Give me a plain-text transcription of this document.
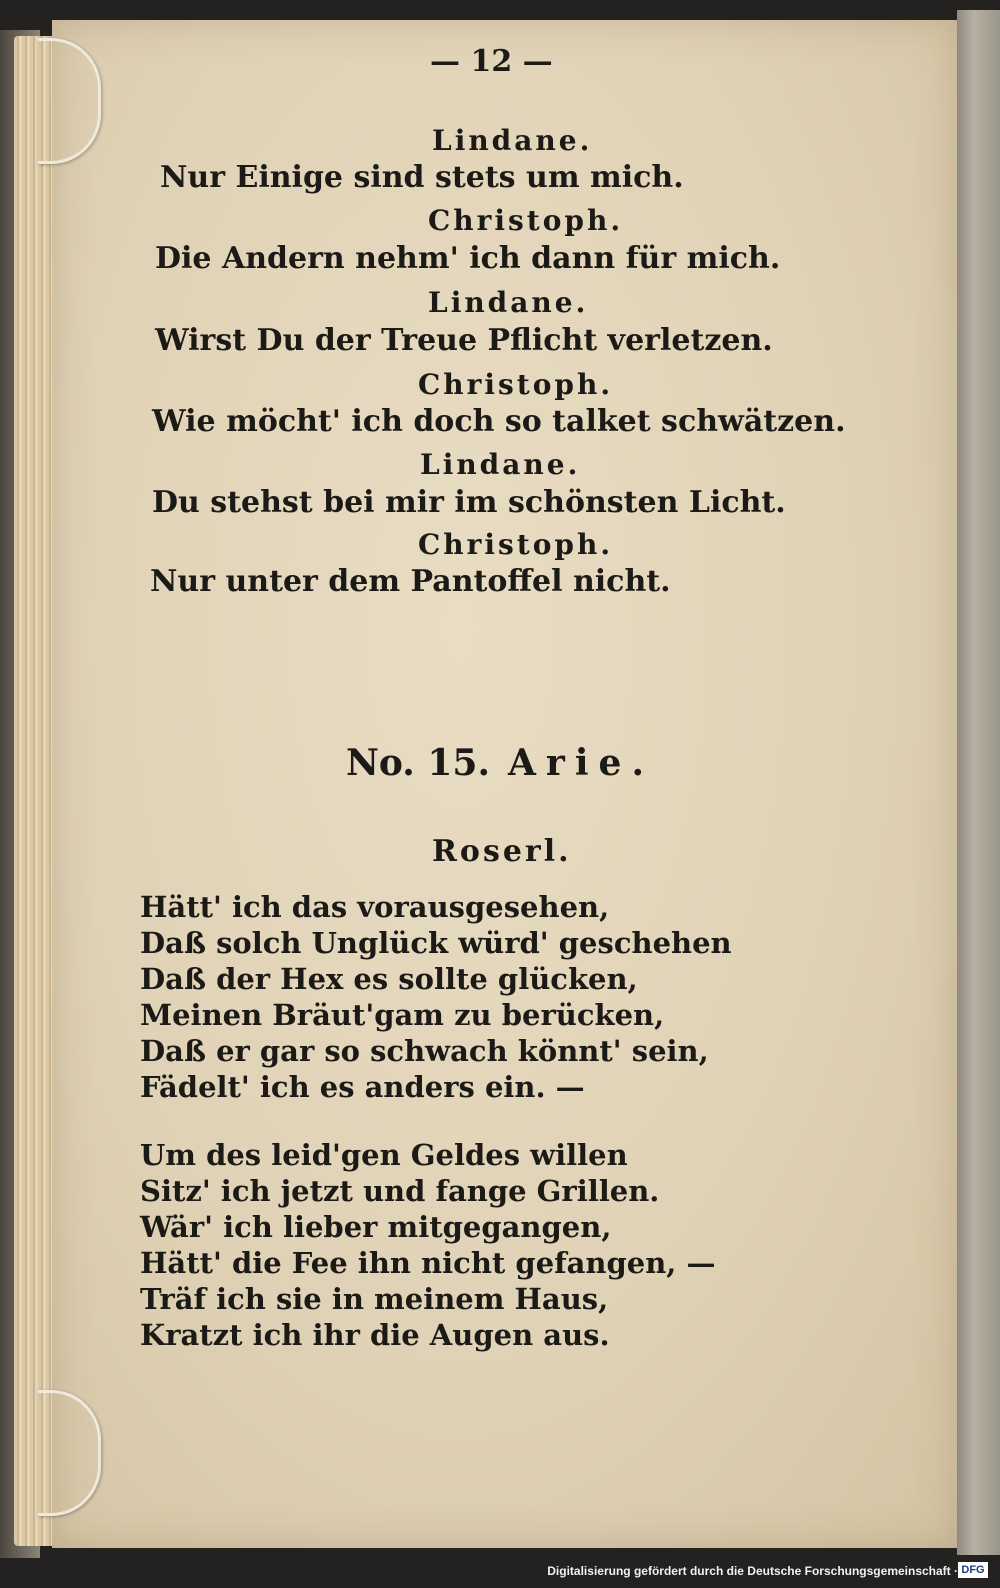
— 12 —
Lindane.
Nur Einige sind stets um mich.
Christoph.
Die Andern nehm' ich dann für mich.
Lindane.
Wirst Du der Treue Pflicht verletzen.
Christoph.
Wie möcht' ich doch so talket schwätzen.
Lindane.
Du stehst bei mir im schönsten Licht.
Christoph.
Nur unter dem Pantoffel nicht.
No. 15. Arie.
Roserl.
Hätt' ich das vorausgesehen,
Daß solch Unglück würd' geschehen
Daß der Hex es sollte glücken,
Meinen Bräut'gam zu berücken,
Daß er gar so schwach könnt' sein,
Fädelt' ich es anders ein. —
Um des leid'gen Geldes willen
Sitz' ich jetzt und fange Grillen.
Wär' ich lieber mitgegangen,
Hätt' die Fee ihn nicht gefangen, —
Träf ich sie in meinem Haus,
Kratzt ich ihr die Augen aus.
Digitalisierung gefördert durch die Deutsche Forschungsgemeinschaft · DFG
